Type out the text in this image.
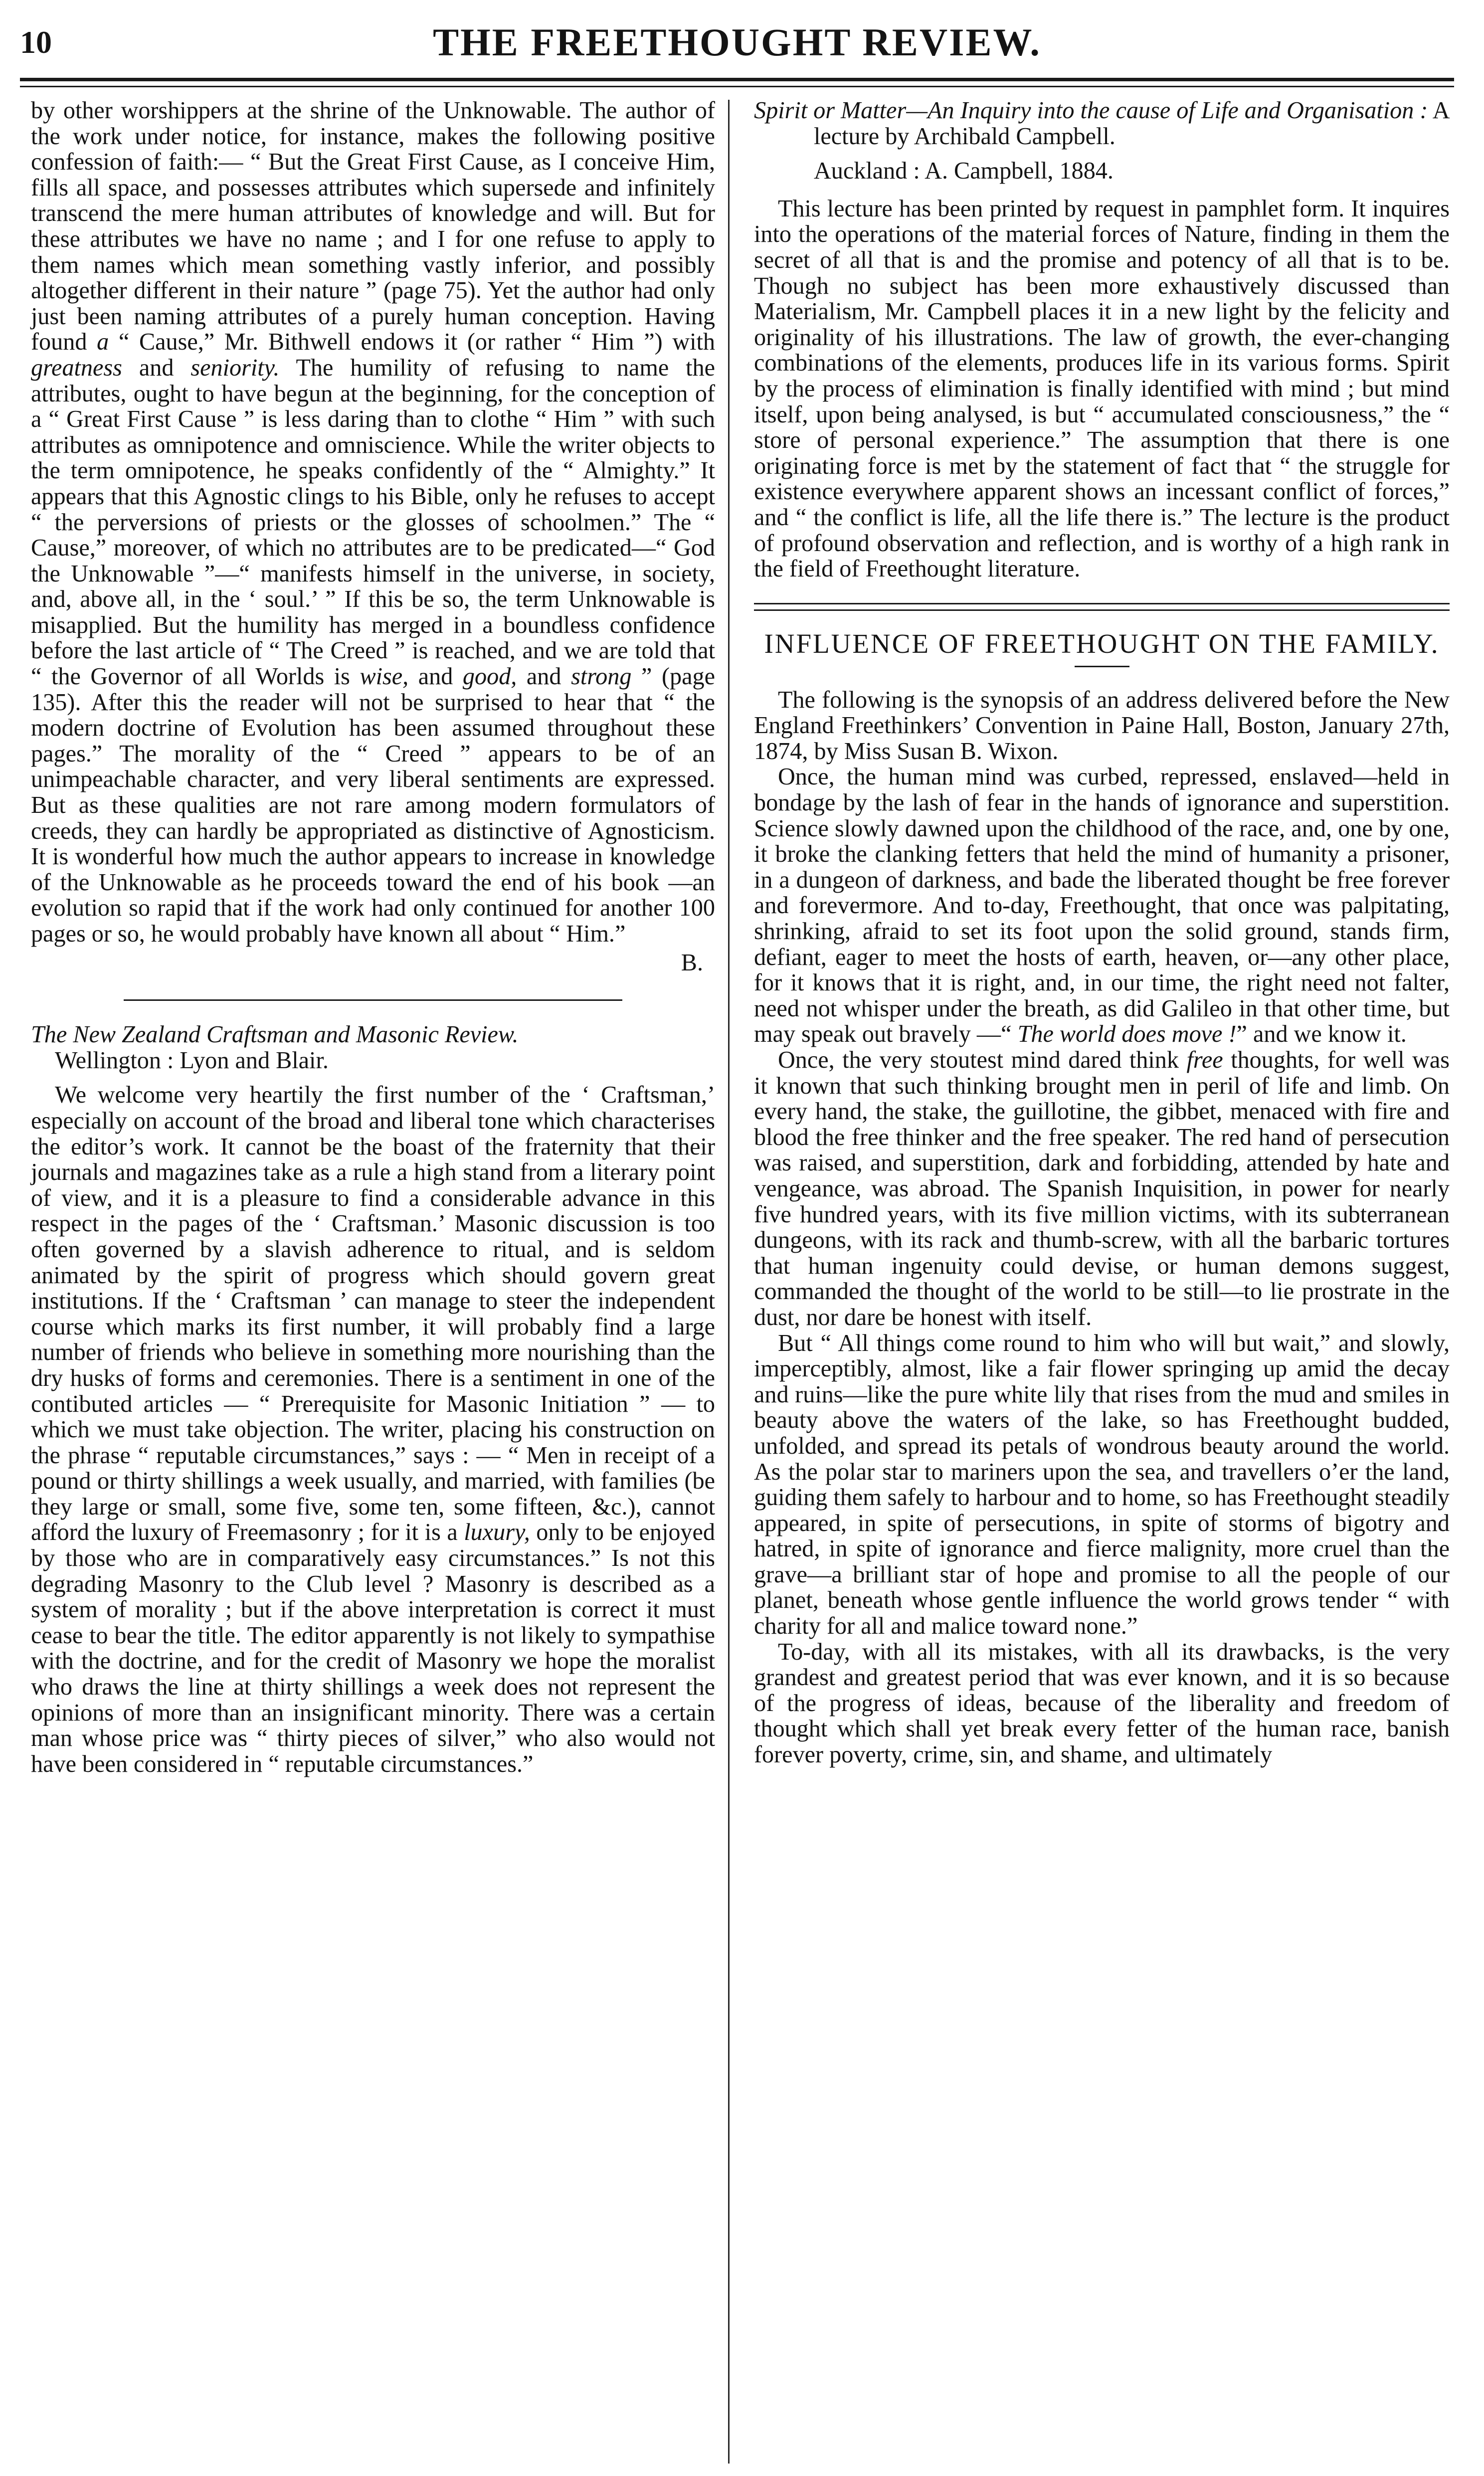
10	THE FREETHOUGHT REVIEW.

by other worshippers at the shrine of the Unknowable. The author of the work under notice, for instance, makes the following positive confession of faith:— “ But the Great First Cause, as I conceive Him, fills all space, and possesses attributes which supersede and infinitely transcend the mere human attributes of knowledge and will. But for these attributes we have no name ; and I for one refuse to apply to them names which mean something vastly inferior, and possibly altogether different in their nature ” (page 75). Yet the author had only just been naming attributes of a purely human conception. Having found a “ Cause,” Mr. Bithwell endows it (or rather “ Him ”) with greatness and seniority. The humility of refusing to name the attributes, ought to have begun at the beginning, for the conception of a “ Great First Cause ” is less daring than to clothe “ Him ” with such attributes as omnipotence and omniscience. While the writer objects to the term omnipotence, he speaks confidently of the “ Almighty.” It appears that this Agnostic clings to his Bible, only he refuses to accept “ the perversions of priests or the glosses of schoolmen.” The “ Cause,” moreover, of which no attributes are to be predicated—“ God the Unknowable ”—“ manifests himself in the universe, in society, and, above all, in the ‘ soul.’ ” If this be so, the term Unknowable is misapplied. But the humility has merged in a boundless confidence before the last article of “ The Creed ” is reached, and we are told that “ the Governor of all Worlds is wise, and good, and strong ” (page 135). After this the reader will not be surprised to hear that “ the modern doctrine of Evolution has been assumed throughout these pages.” The morality of the “ Creed ” appears to be of an unimpeachable character, and very liberal sentiments are expressed. But as these qualities are not rare among modern formulators of creeds, they can hardly be appropriated as distinctive of Agnosticism. It is wonderful how much the author appears to increase in knowledge of the Unknowable as he proceeds toward the end of his book —an evolution so rapid that if the work had only continued for another 100 pages or so, he would probably have known all about “ Him.”

B.

The New Zealand Craftsman and Masonic Review.

Wellington : Lyon and Blair.

We welcome very heartily the first number of the ‘ Craftsman,’ especially on account of the broad and liberal tone which characterises the editor’s work. It cannot be the boast of the fraternity that their journals and magazines take as a rule a high stand from a literary point of view, and it is a pleasure to find a considerable advance in this respect in the pages of the ‘ Craftsman.’ Masonic discussion is too often governed by a slavish adherence to ritual, and is seldom animated by the spirit of progress which should govern great institutions. If the ‘ Craftsman ’ can manage to steer the independent course which marks its first number, it will probably find a large number of friends who believe in something more nourishing than the dry husks of forms and ceremonies. There is a sentiment in one of the contibuted articles — “ Prerequisite for Masonic Initiation ” — to which we must take objection. The writer, placing his construction on the phrase “ reputable circumstances,” says : — “ Men in receipt of a pound or thirty shillings a week usually, and married, with families (be they large or small, some five, some ten, some fifteen, &c.), cannot afford the luxury of Freemasonry ; for it is a luxury, only to be enjoyed by those who are in comparatively easy circumstances.” Is not this degrading Masonry to the Club level ? Masonry is described as a system of morality ; but if the above interpretation is correct it must cease to bear the title. The editor apparently is not likely to sympathise with the doctrine, and for the credit of Masonry we hope the moralist who draws the line at thirty shillings a week does not represent the opinions of more than an insignificant minority. There was a certain man whose price was “ thirty pieces of silver,” who also would not have been considered in “ reputable circumstances.”

Spirit or Matter—An Inquiry into the cause of Life and Organisation : A lecture by Archibald Campbell.

Auckland : A. Campbell, 1884.

This lecture has been printed by request in pamphlet form. It inquires into the operations of the material forces of Nature, finding in them the secret of all that is and the promise and potency of all that is to be. Though no subject has been more exhaustively discussed than Materialism, Mr. Campbell places it in a new light by the felicity and originality of his illustrations. The law of growth, the ever-changing combinations of the elements, produces life in its various forms. Spirit by the process of elimination is finally identified with mind ; but mind itself, upon being analysed, is but “ accumulated consciousness,” the “ store of personal experience.” The assumption that there is one originating force is met by the statement of fact that “ the struggle for existence everywhere apparent shows an incessant conflict of forces,” and “ the conflict is life, all the life there is.” The lecture is the product of profound observation and reflection, and is worthy of a high rank in the field of Freethought literature.

INFLUENCE OF FREETHOUGHT ON THE FAMILY.

The following is the synopsis of an address delivered before the New England Freethinkers’ Convention in Paine Hall, Boston, January 27th, 1874, by Miss Susan B. Wixon.

Once, the human mind was curbed, repressed, enslaved—held in bondage by the lash of fear in the hands of ignorance and superstition. Science slowly dawned upon the childhood of the race, and, one by one, it broke the clanking fetters that held the mind of humanity a prisoner, in a dungeon of darkness, and bade the liberated thought be free forever and forevermore. And to-day, Freethought, that once was palpitating, shrinking, afraid to set its foot upon the solid ground, stands firm, defiant, eager to meet the hosts of earth, heaven, or—any other place, for it knows that it is right, and, in our time, the right need not falter, need not whisper under the breath, as did Galileo in that other time, but may speak out bravely —“ The world does move !” and we know it.

Once, the very stoutest mind dared think free thoughts, for well was it known that such thinking brought men in peril of life and limb. On every hand, the stake, the guillotine, the gibbet, menaced with fire and blood the free thinker and the free speaker. The red hand of persecution was raised, and superstition, dark and forbidding, attended by hate and vengeance, was abroad. The Spanish Inquisition, in power for nearly five hundred years, with its five million victims, with its subterranean dungeons, with its rack and thumb-screw, with all the barbaric tortures that human ingenuity could devise, or human demons suggest, commanded the thought of the world to be still—to lie prostrate in the dust, nor dare be honest with itself.

But “ All things come round to him who will but wait,” and slowly, imperceptibly, almost, like a fair flower springing up amid the decay and ruins—like the pure white lily that rises from the mud and smiles in beauty above the waters of the lake, so has Freethought budded, unfolded, and spread its petals of wondrous beauty around the world. As the polar star to mariners upon the sea, and travellers o’er the land, guiding them safely to harbour and to home, so has Freethought steadily appeared, in spite of persecutions, in spite of storms of bigotry and hatred, in spite of ignorance and fierce malignity, more cruel than the grave—a brilliant star of hope and promise to all the people of our planet, beneath whose gentle influence the world grows tender “ with charity for all and malice toward none.”

To-day, with all its mistakes, with all its drawbacks, is the very grandest and greatest period that was ever known, and it is so because of the progress of ideas, because of the liberality and freedom of thought which shall yet break every fetter of the human race, banish forever poverty, crime, sin, and shame, and ultimately
